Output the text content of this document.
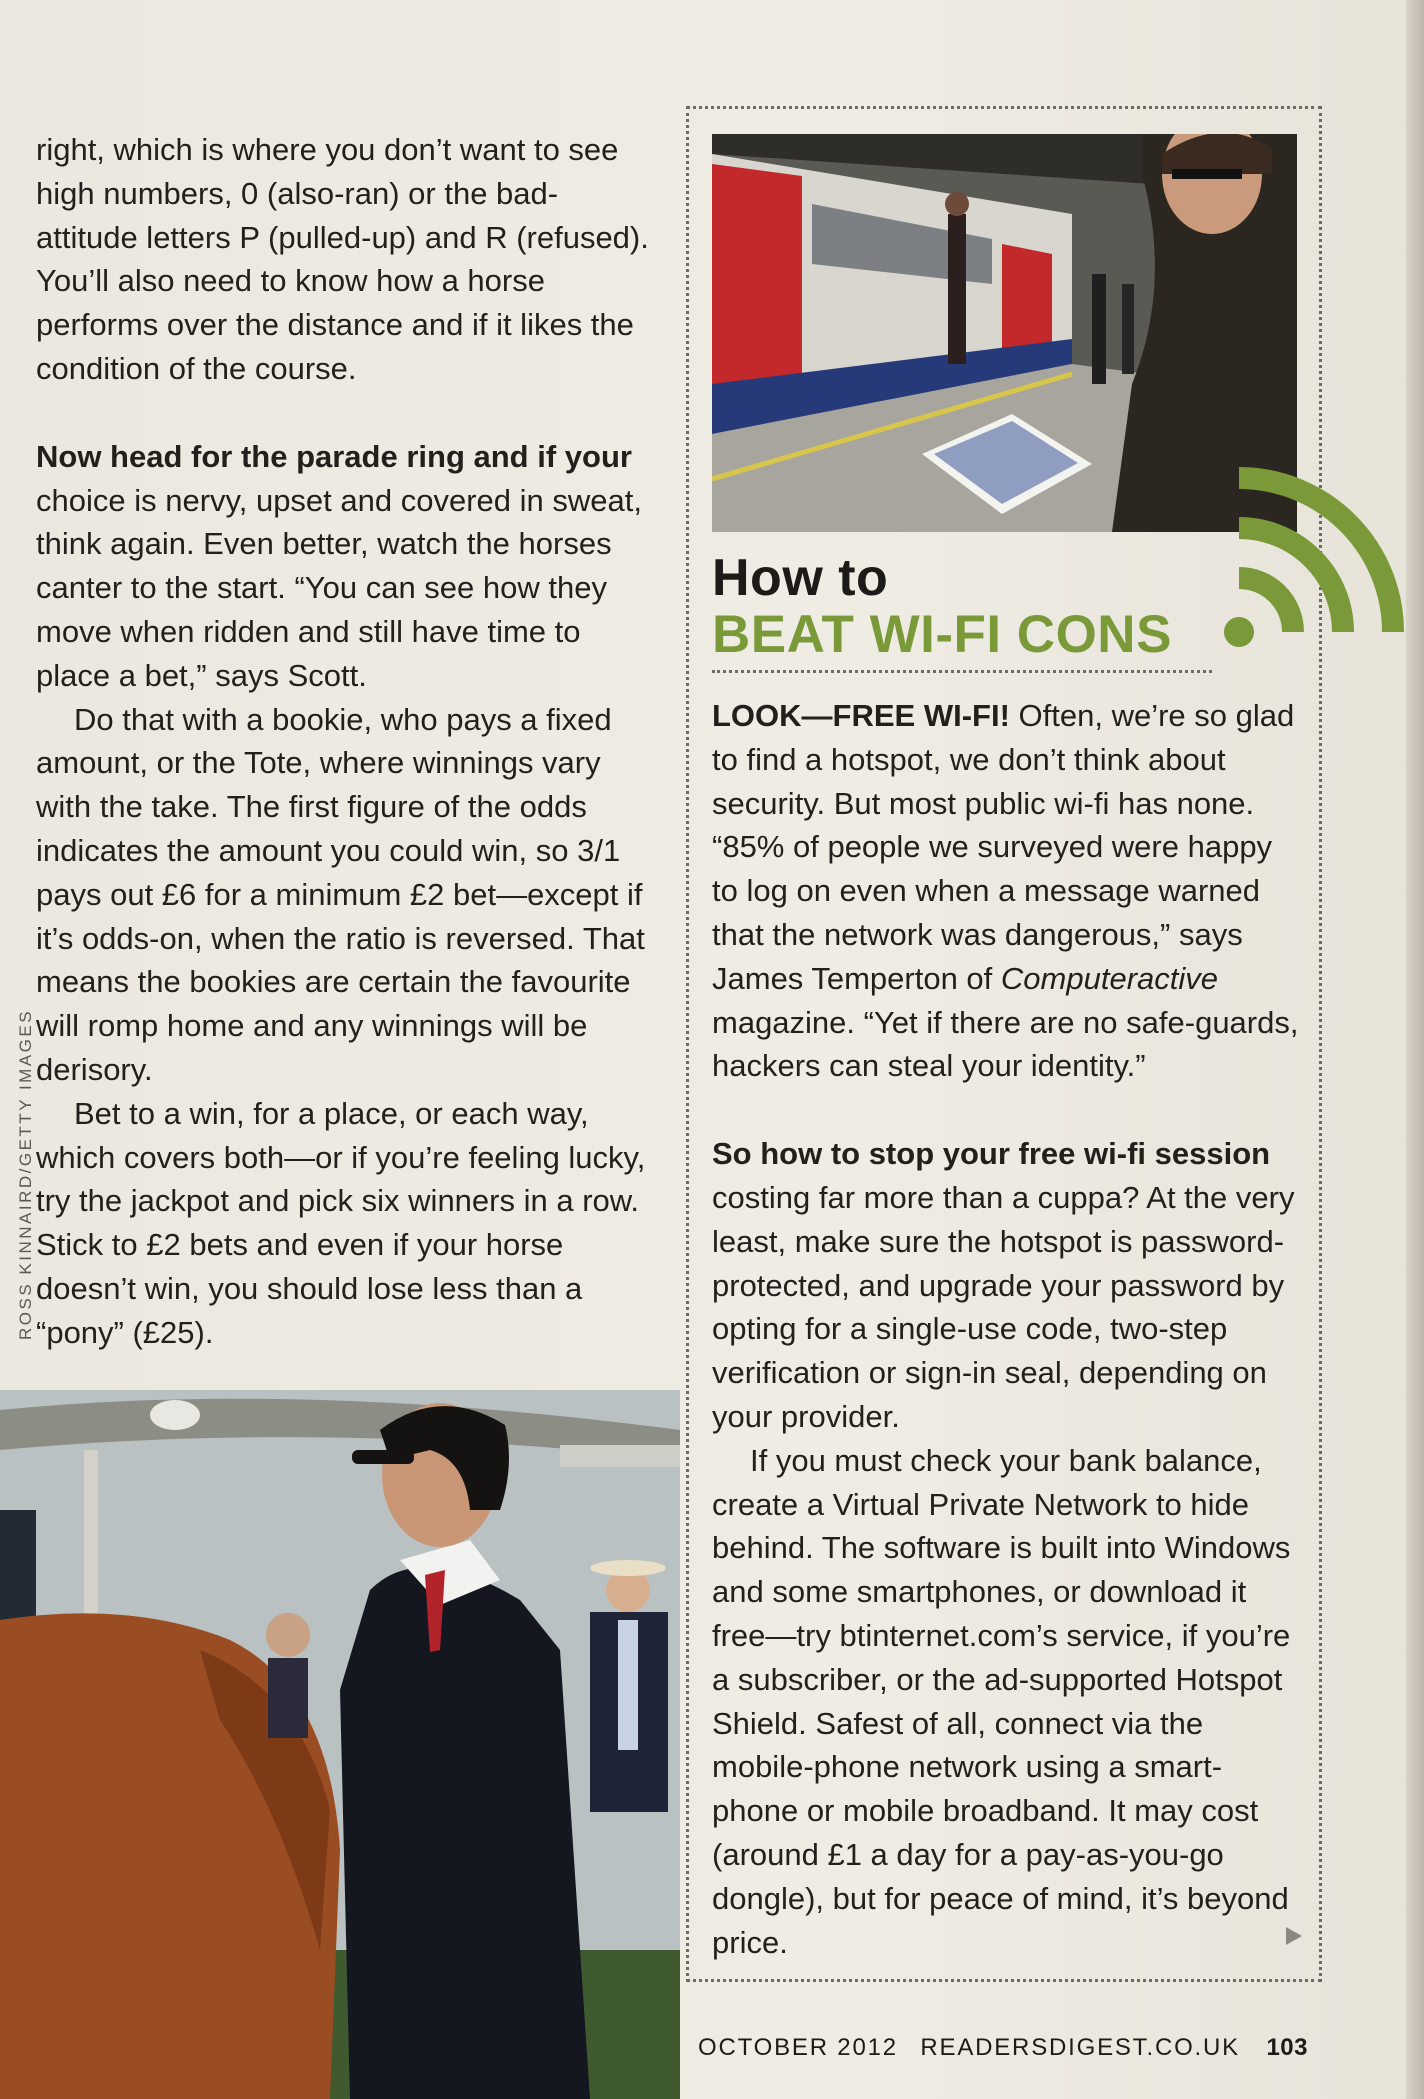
right, which is where you don’t want to see high numbers, 0 (also-ran) or the bad-attitude letters P (pulled-up) and R (refused). You’ll also need to know how a horse performs over the distance and if it likes the condition of the course.

Now head for the parade ring and if your choice is nervy, upset and covered in sweat, think again. Even better, watch the horses canter to the start. “You can see how they move when ridden and still have time to place a bet,” says Scott.

Do that with a bookie, who pays a fixed amount, or the Tote, where winnings vary with the take. The first figure of the odds indicates the amount you could win, so 3/1 pays out £6 for a minimum £2 bet—except if it’s odds-on, when the ratio is reversed. That means the bookies are certain the favourite will romp home and any winnings will be derisory.

Bet to a win, for a place, or each way, which covers both—or if you’re feeling lucky, try the jackpot and pick six winners in a row. Stick to £2 bets and even if your horse doesn’t win, you should lose less than a “pony” (£25).

ROSS KINNAIRD/GETTY IMAGES
How to
BEAT WI-FI CONS

LOOK—FREE WI-FI! Often, we’re so glad to find a hotspot, we don’t think about security. But most public wi-fi has none. “85% of people we surveyed were happy to log on even when a message warned that the network was dangerous,” says James Temperton of Computeractive magazine. “Yet if there are no safe-guards, hackers can steal your identity.”

So how to stop your free wi-fi session costing far more than a cuppa? At the very least, make sure the hotspot is password-protected, and upgrade your password by opting for a single-use code, two-step verification or sign-in seal, depending on your provider.

If you must check your bank balance, create a Virtual Private Network to hide behind. The software is built into Windows and some smartphones, or download it free—try btinternet.com’s service, if you’re a subscriber, or the ad-supported Hotspot Shield. Safest of all, connect via the mobile-phone network using a smart-phone or mobile broadband. It may cost (around £1 a day for a pay-as-you-go dongle), but for peace of mind, it’s beyond price.

OCTOBER 2012 READERSDIGEST.CO.UK 103
